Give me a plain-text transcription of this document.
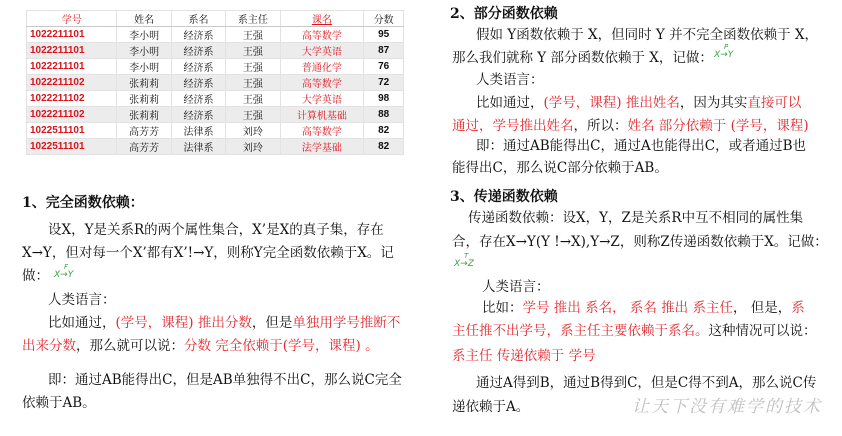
学号	姓名	系名	系主任	课名	分数
1022211101	李小明	经济系	王强	高等数学	95
1022211101	李小明	经济系	王强	大学英语	87
1022211101	李小明	经济系	王强	普通化学	76
1022211102	张莉莉	经济系	王强	高等数学	72
1022211102	张莉莉	经济系	王强	大学英语	98
1022211102	张莉莉	经济系	王强	计算机基础	88
1022511101	高芳芳	法律系	刘玲	高等数学	82
1022511101	高芳芳	法律系	刘玲	法学基础	82
1、完全函数依赖：
设X，Y是关系R的两个属性集合，X’是X的真子集，存在
X→Y，但对每一个X’都有X’!→Y，则称Y完全函数依赖于X。记
做：
F
X→Y
人类语言：
比如通过，(学号，课程) 推出分数，但是单独用学号推断不
出来分数，那么就可以说：分数 完全依赖于(学号，课程) 。
即：通过AB能得出C，但是AB单独得不出C，那么说C完全
依赖于AB。
2、部分函数依赖
假如 Y函数依赖于 X，但同时 Y 并不完全函数依赖于 X，
那么我们就称 Y 部分函数依赖于 X，记做：
P
X→Y
人类语言：
比如通过，(学号，课程) 推出姓名，因为其实直接可以
通过，学号推出姓名，所以：姓名 部分依赖于 (学号，课程)
即：通过AB能得出C，通过A也能得出C，或者通过B也
能得出C，那么说C部分依赖于AB。
3、传递函数依赖
传递函数依赖：设X，Y，Z是关系R中互不相同的属性集
合，存在X→Y(Y !→X),Y→Z，则称Z传递函数依赖于X。记做：
T
X→Z
人类语言：
比如：学号 推出 系名， 系名 推出 系主任， 但是，系
主任推不出学号，系主任主要依赖于系名。这种情况可以说：
系主任 传递依赖于 学号
通过A得到B，通过B得到C，但是C得不到A，那么说C传
递依赖于A。	让天下没有难学的技术
